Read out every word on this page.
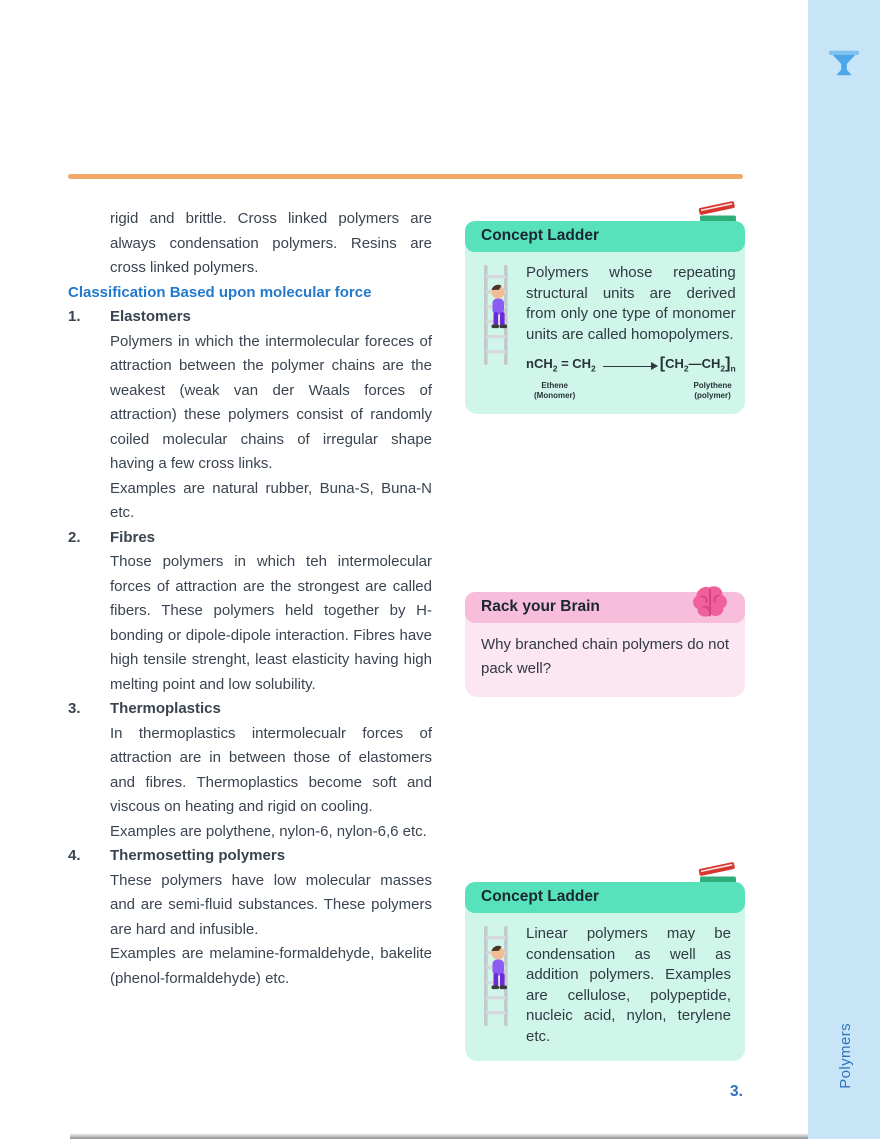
Polymers

rigid and brittle. Cross linked polymers are always condensation polymers. Resins are cross linked polymers.

Classification Based upon molecular force
1.	Elastomers

Polymers in which the intermolecular foreces of attraction between the polymer chains are the weakest (weak van der Waals forces of attraction) these polymers consist of randomly coiled molecular chains of irregular shape having a few cross links.

Examples are natural rubber, Buna-S, Buna-N etc.

2.	Fibres

Those polymers in which teh intermolecular forces of attraction are the strongest are called fibers. These polymers held together by H-bonding or dipole-dipole interaction. Fibres have high tensile strenght, least elasticity having high melting point and low solubility.

3.	Thermoplastics

In thermoplastics intermolecualr forces of attraction are in between those of elastomers and fibres. Thermoplastics become soft and viscous on heating and rigid on cooling.

Examples are polythene, nylon-6, nylon-6,6 etc.

4.	Thermosetting polymers

These polymers have low molecular masses and are semi-fluid substances. These polymers are hard and infusible.

Examples are melamine-formaldehyde, bakelite (phenol-formaldehyde) etc.

Concept Ladder

Polymers whose repeating structural units are derived from only one type of monomer units are called homopolymers.

$nCH_2 = CH_2$	$[CH_2—CH_2]_n$
Ethene
(Monomer)
Polythene
(polymer)
Rack your Brain

Why branched chain polymers do not pack well?

Concept Ladder

Linear polymers may be condensation as well as addition polymers. Examples are cellulose, polypeptide, nucleic acid, nylon, terylene etc.

3.
